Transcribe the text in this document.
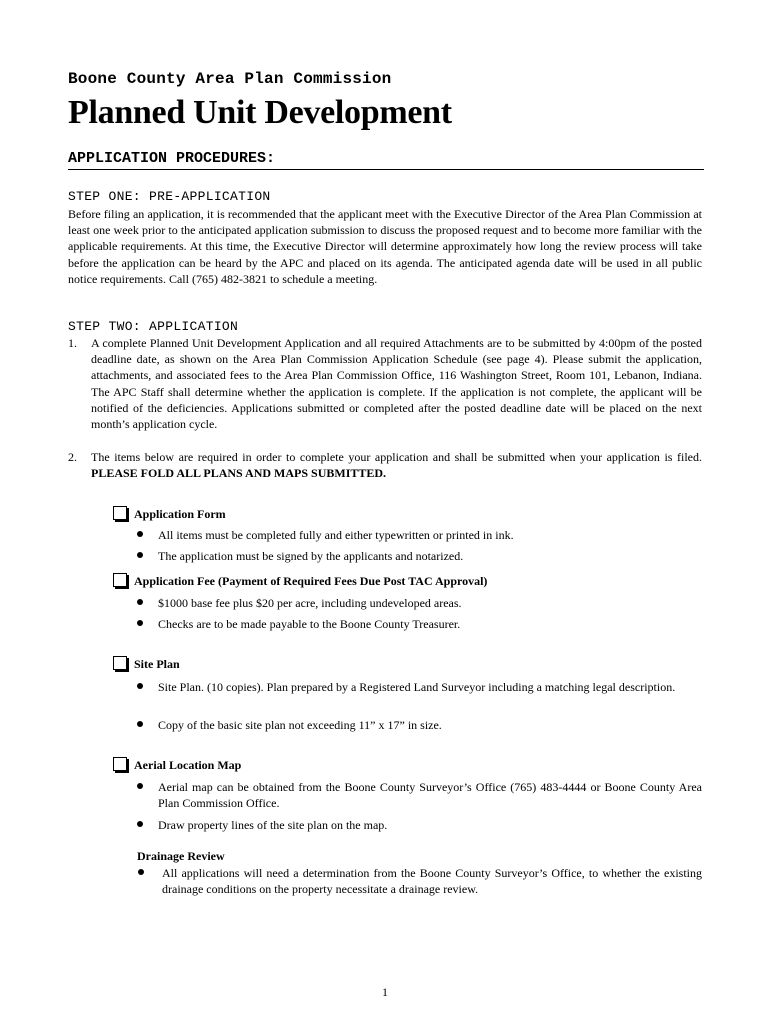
Boone County Area Plan Commission
Planned Unit Development
APPLICATION PROCEDURES:
STEP ONE: PRE-APPLICATION
Before filing an application, it is recommended that the applicant meet with the Executive Director of the Area Plan Commission at least one week prior to the anticipated application submission to discuss the proposed request and to become more familiar with the applicable requirements. At this time, the Executive Director will determine approximately how long the review process will take before the application can be heard by the APC and placed on its agenda. The anticipated agenda date will be used in all public notice requirements. Call (765) 482-3821 to schedule a meeting.
STEP TWO: APPLICATION
1. A complete Planned Unit Development Application and all required Attachments are to be submitted by 4:00pm of the posted deadline date, as shown on the Area Plan Commission Application Schedule (see page 4). Please submit the application, attachments, and associated fees to the Area Plan Commission Office, 116 Washington Street, Room 101, Lebanon, Indiana. The APC Staff shall determine whether the application is complete. If the application is not complete, the applicant will be notified of the deficiencies. Applications submitted or completed after the posted deadline date will be placed on the next month’s application cycle.
2. The items below are required in order to complete your application and shall be submitted when your application is filed. PLEASE FOLD ALL PLANS AND MAPS SUBMITTED.
Application Form
All items must be completed fully and either typewritten or printed in ink.
The application must be signed by the applicants and notarized.
Application Fee (Payment of Required Fees Due Post TAC Approval)
$1000 base fee plus $20 per acre, including undeveloped areas.
Checks are to be made payable to the Boone County Treasurer.
Site Plan
Site Plan. (10 copies). Plan prepared by a Registered Land Surveyor including a matching legal description.
Copy of the basic site plan not exceeding 11” x 17” in size.
Aerial Location Map
Aerial map can be obtained from the Boone County Surveyor’s Office (765) 483-4444 or Boone County Area Plan Commission Office.
Draw property lines of the site plan on the map.
Drainage Review
All applications will need a determination from the Boone County Surveyor’s Office, to whether the existing drainage conditions on the property necessitate a drainage review.
1
